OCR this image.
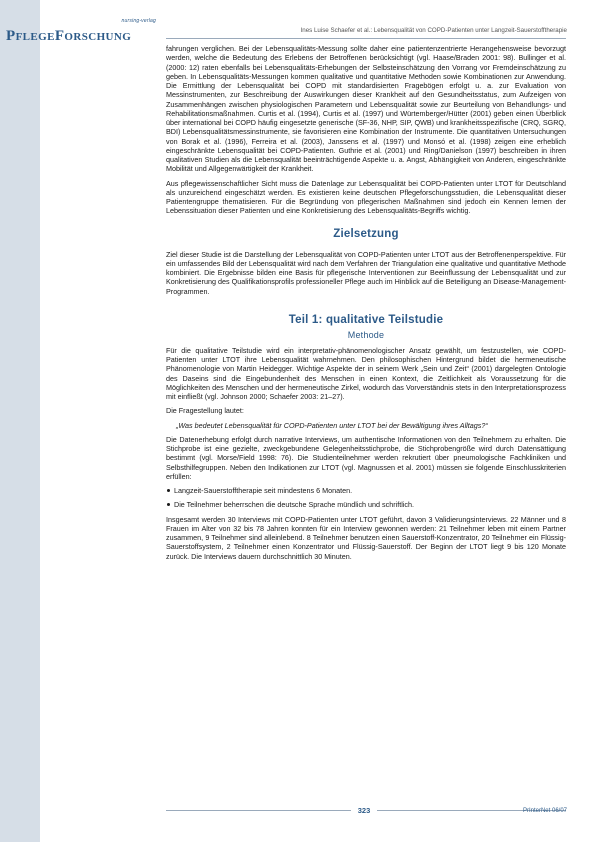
nursing-verlag
PflegeForschung	Ines Luise Schaefer et al.: Lebensqualität von COPD-Patienten unter Langzeit-Sauerstofftherapie

fahrungen verglichen. Bei der Lebensqualitäts-Messung sollte daher eine patientenzentrierte Herangehensweise bevorzugt werden, welche die Bedeutung des Erlebens der Betroffenen berücksichtigt (vgl. Haase/Braden 2001: 98). Bullinger et al. (2000: 12) raten ebenfalls bei Lebensqualitäts-Erhebungen der Selbsteinschätzung den Vorrang vor Fremdeinschätzung zu geben. In Lebensqualitäts-Messungen kommen qualitative und quantitative Methoden sowie Kombinationen zur Anwendung. Die Ermittlung der Lebensqualität bei COPD mit standardisierten Fragebögen erfolgt u. a. zur Evaluation von Messinstrumenten, zur Beschreibung der Auswirkungen dieser Krankheit auf den Gesundheitsstatus, zum Aufzeigen von Zusammenhängen zwischen physiologischen Parametern und Lebensqualität sowie zur Beurteilung von Behandlungs- und Rehabilitationsmaßnahmen. Curtis et al. (1994), Curtis et al. (1997) und Würtemberger/Hütter (2001) geben einen Überblick über international bei COPD häufig eingesetzte generische (SF-36, NHP, SIP, QWB) und krankheitsspezifische (CRQ, SGRQ, BDI) Lebensqualitätsmessinstrumente, sie favorisieren eine Kombination der Instrumente. Die quantitativen Untersuchungen von Borak et al. (1996), Ferreira et al. (2003), Janssens et al. (1997) und Monsó et al. (1998) zeigen eine erheblich eingeschränkte Lebensqualität bei COPD-Patienten. Guthrie et al. (2001) und Ring/Danielson (1997) beschreiben in ihren qualitativen Studien als die Lebensqualität beeinträchtigende Aspekte u. a. Angst, Abhängigkeit von Anderen, eingeschränkte Mobilität und Allgegenwärtigkeit der Krankheit.

Aus pflegewissenschaftlicher Sicht muss die Datenlage zur Lebensqualität bei COPD-Patienten unter LTOT für Deutschland als unzureichend eingeschätzt werden. Es existieren keine deutschen Pflegeforschungsstudien, die Lebensqualität dieser Patientengruppe thematisieren. Für die Begründung von pflegerischen Maßnahmen sind jedoch ein Kennen lernen der Lebenssituation dieser Patienten und eine Konkretisierung des Lebensqualitäts-Begriffs wichtig.

Zielsetzung

Ziel dieser Studie ist die Darstellung der Lebensqualität von COPD-Patienten unter LTOT aus der Betroffenenperspektive. Für ein umfassendes Bild der Lebensqualität wird nach dem Verfahren der Triangulation eine qualitative und quantitative Methode kombiniert. Die Ergebnisse bilden eine Basis für pflegerische Interventionen zur Beeinflussung der Lebensqualität und zur Konkretisierung des Qualifikationsprofils professioneller Pflege auch im Hinblick auf die Beteiligung an Disease-Management-Programmen.

Teil 1: qualitative Teilstudie
Methode

Für die qualitative Teilstudie wird ein interpretativ-phänomenologischer Ansatz gewählt, um festzustellen, wie COPD-Patienten unter LTOT ihre Lebensqualität wahrnehmen. Den philosophischen Hintergrund bildet die hermeneutische Phänomenologie von Martin Heidegger. Wichtige Aspekte der in seinem Werk „Sein und Zeit“ (2001) dargelegten Ontologie des Daseins sind die Eingebundenheit des Menschen in einen Kontext, die Zeitlichkeit als Voraussetzung für die Möglichkeiten des Menschen und der hermeneutische Zirkel, wodurch das Vorverständnis stets in den Interpretationsprozess mit einfließt (vgl. Johnson 2000; Schaefer 2003: 21–27).

Die Fragestellung lautet:

„Was bedeutet Lebensqualität für COPD-Patienten unter LTOT bei der Bewältigung ihres Alltags?“

Die Datenerhebung erfolgt durch narrative Interviews, um authentische Informationen von den Teilnehmern zu erhalten. Die Stichprobe ist eine gezielte, zweckgebundene Gelegenheitsstichprobe, die Stichprobengröße wird durch Datensättigung bestimmt (vgl. Morse/Field 1998: 76). Die Studienteilnehmer werden rekrutiert über pneumologische Fachkliniken und Selbsthilfegruppen. Neben den Indikationen zur LTOT (vgl. Magnussen et al. 2001) müssen sie folgende Einschlusskriterien erfüllen:

Langzeit-Sauerstofftherapie seit mindestens 6 Monaten.
Die Teilnehmer beherrschen die deutsche Sprache mündlich und schriftlich.

Insgesamt werden 30 Interviews mit COPD-Patienten unter LTOT geführt, davon 3 Validierungsinterviews. 22 Männer und 8 Frauen im Alter von 32 bis 78 Jahren konnten für ein Interview gewonnen werden: 21 Teilnehmer leben mit einem Partner zusammen, 9 Teilnehmer sind alleinlebend. 8 Teilnehmer benutzen einen Sauerstoff-Konzentrator, 20 Teilnehmer ein Flüssig-Sauerstoffsystem, 2 Teilnehmer einen Konzentrator und Flüssig-Sauerstoff. Der Beginn der LTOT liegt 9 bis 120 Monate zurück. Die Interviews dauern durchschnittlich 30 Minuten.

323	PrInterNet 06/07
